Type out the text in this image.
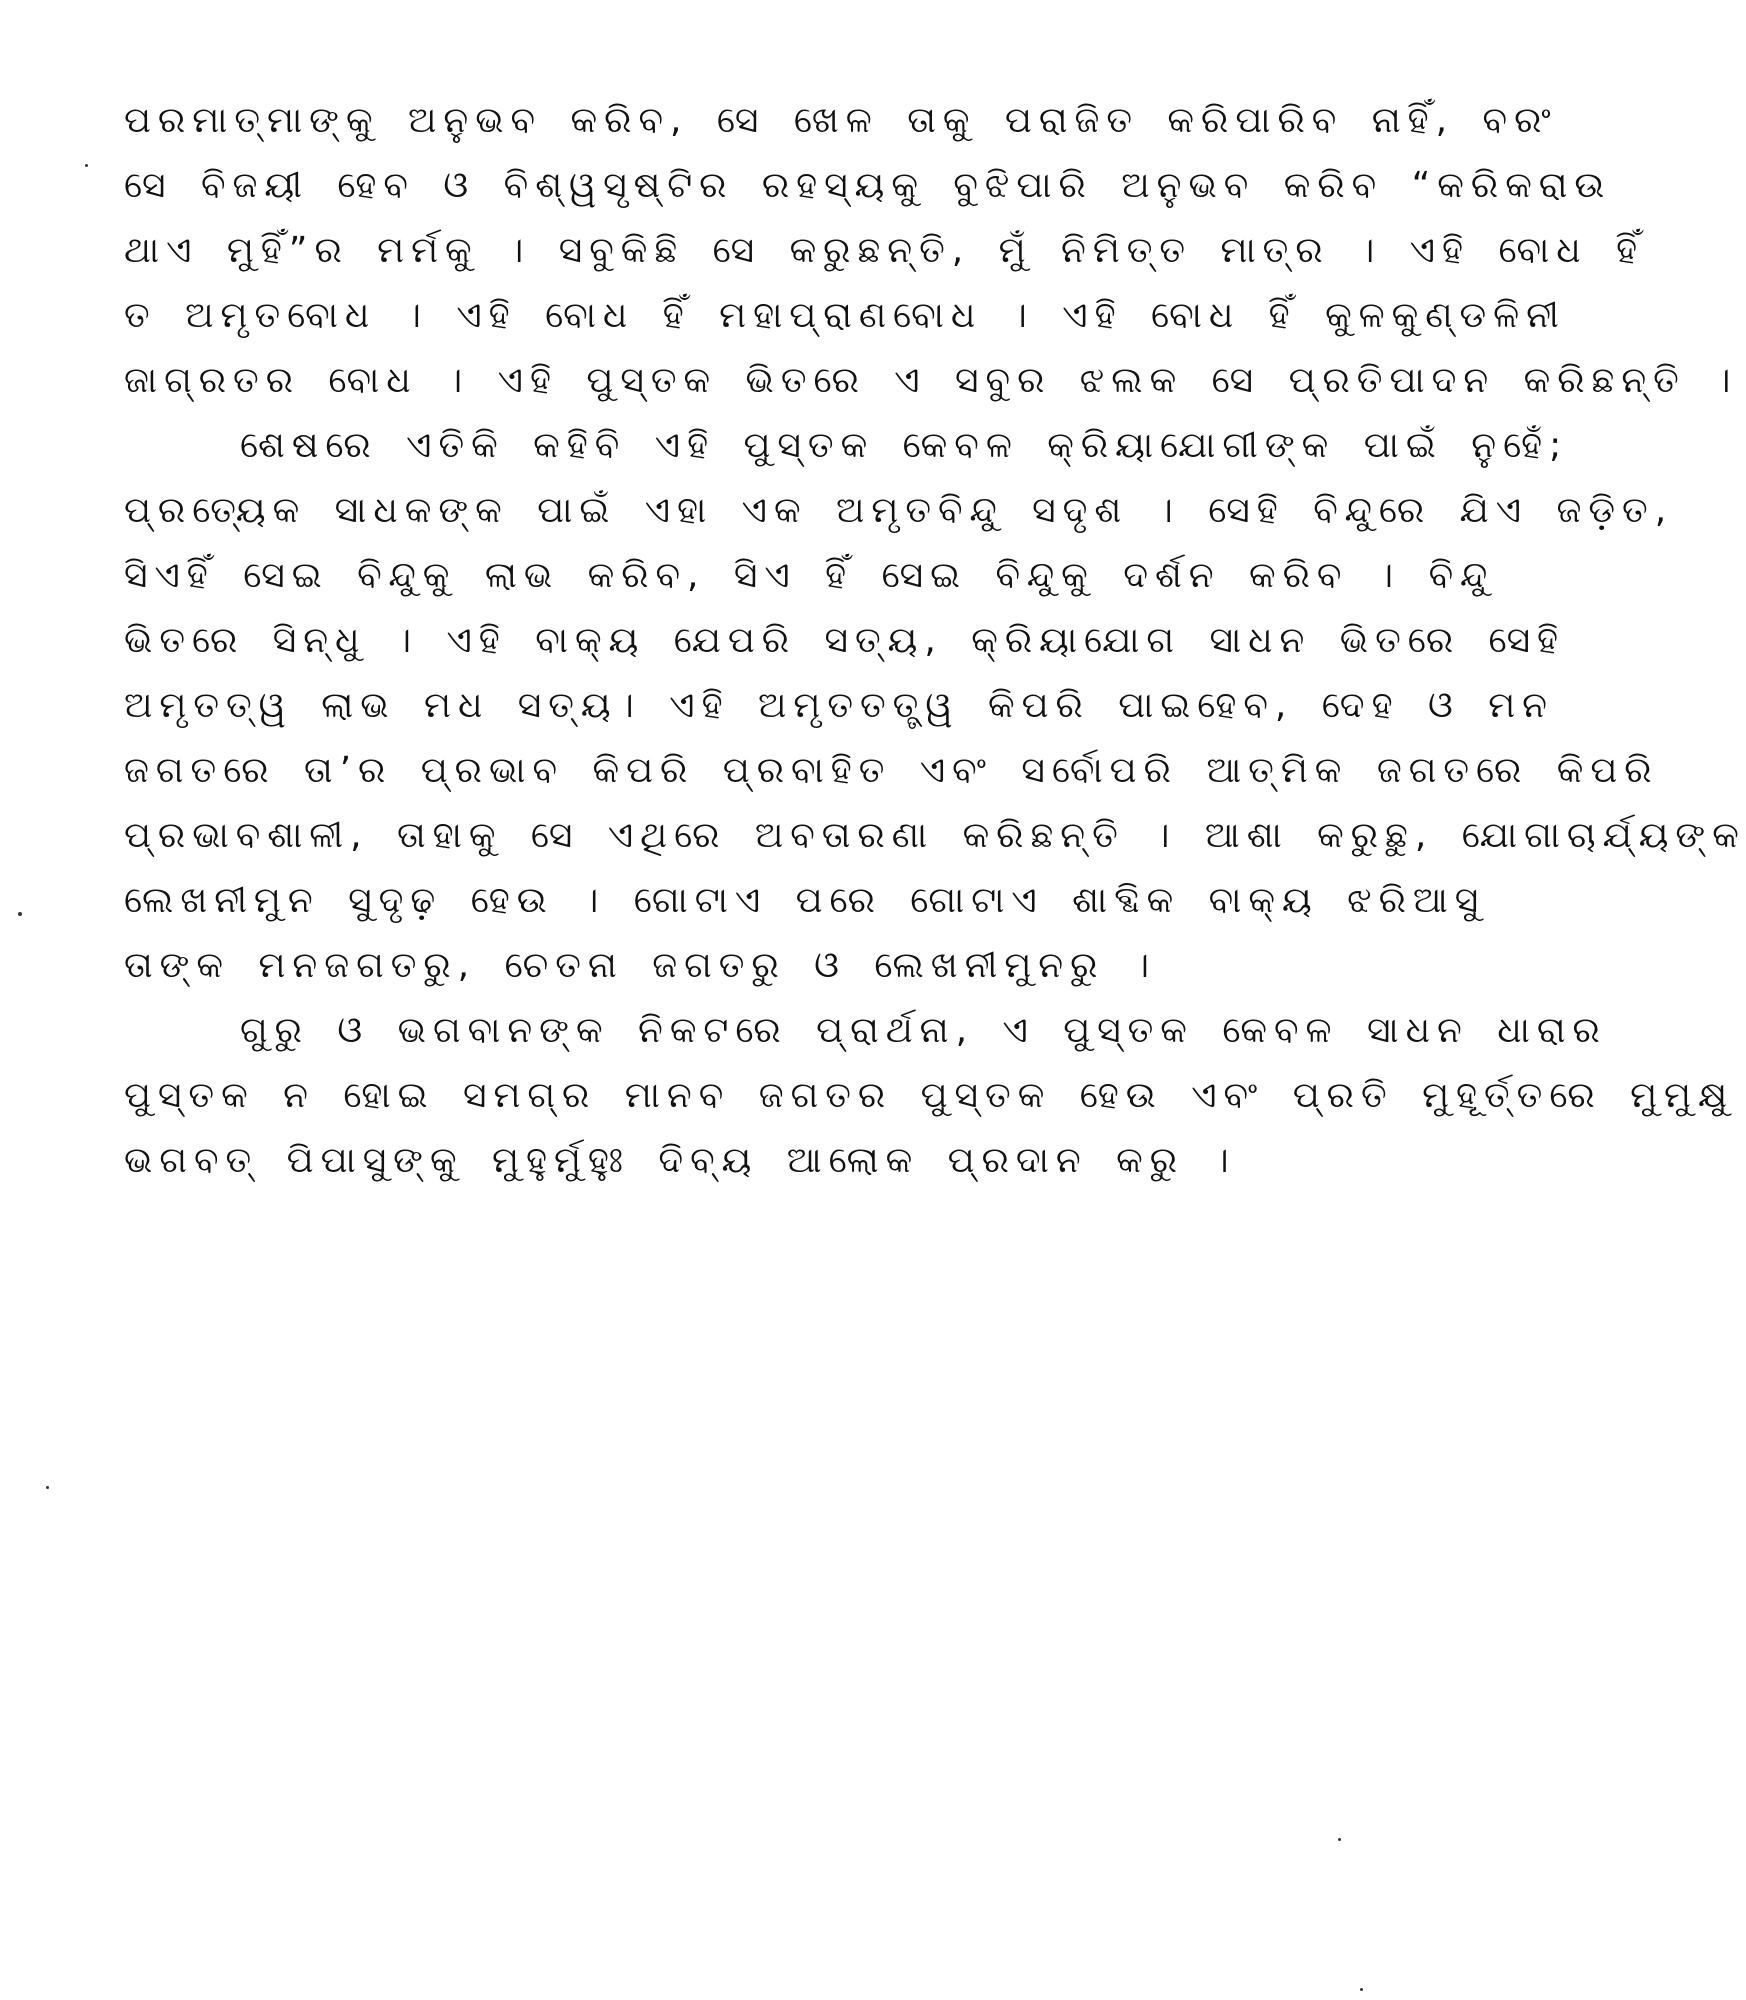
ପରମାତ୍ମାଙ୍କୁ ଅନୁଭବ କରିବ, ସେ ଖେଳ ତାକୁ ପରାଜିତ କରିପାରିବ ନାହିଁ, ବରଂ
ସେ ବିଜୟୀ ହେବ ଓ ବିଶ୍ୱସୃଷ୍ଟିର ରହସ୍ୟକୁ ବୁଝିପାରି ଅନୁଭବ କରିବ “କରିକରାଉ
ଥାଏ ମୁହିଁ”ର ମର୍ମକୁ । ସବୁକିଛି ସେ କରୁଛନ୍ତି, ମୁଁ ନିମିତ୍ତ ମାତ୍ର । ଏହି ବୋଧ ହିଁ
ତ ଅମୃତବୋଧ । ଏହି ବୋଧ ହିଁ ମହାପ୍ରାଣବୋଧ । ଏହି ବୋଧ ହିଁ କୁଳକୁଣ୍ଡଳିନୀ
ଜାଗ୍ରତର ବୋଧ । ଏହି ପୁସ୍ତକ ଭିତରେ ଏ ସବୁର ଝଲକ ସେ ପ୍ରତିପାଦନ କରିଛନ୍ତି ।
ଶେଷରେ ଏତିକି କହିବି ଏହି ପୁସ୍ତକ କେବଳ କ୍ରିୟାଯୋଗୀଙ୍କ ପାଇଁ ନୁହେଁ;
ପ୍ରତ୍ୟେକ ସାଧକଙ୍କ ପାଇଁ ଏହା ଏକ ଅମୃତବିନ୍ଦୁ ସଦୃଶ । ସେହି ବିନ୍ଦୁରେ ଯିଏ ଜଡ଼ିତ,
ସିଏହିଁ ସେଇ ବିନ୍ଦୁକୁ ଲାଭ କରିବ, ସିଏ ହିଁ ସେଇ ବିନ୍ଦୁକୁ ଦର୍ଶନ କରିବ । ବିନ୍ଦୁ
ଭିତରେ ସିନ୍ଧୁ । ଏହି ବାକ୍ୟ ଯେପରି ସତ୍ୟ, କ୍ରିୟାଯୋଗ ସାଧନ ଭିତରେ ସେହି
ଅମୃତତ୍ୱ ଲାଭ ମଧ ସତ୍ୟ। ଏହି ଅମୃତତତ୍ତ୍ୱ କିପରି ପାଇହେବ, ଦେହ ଓ ମନ
ଜଗତରେ ତା’ର ପ୍ରଭାବ କିପରି ପ୍ରବାହିତ ଏବଂ ସର୍ବୋପରି ଆତ୍ମିକ ଜଗତରେ କିପରି
ପ୍ରଭାବଶାଳୀ, ତାହାକୁ ସେ ଏଥିରେ ଅବତାରଣା କରିଛନ୍ତି । ଆଶା କରୁଛୁ, ଯୋଗାଚାର୍ଯ୍ୟଙ୍କ
ଲେଖନୀମୁନ ସୁଦୃଢ଼ ହେଉ । ଗୋଟାଏ ପରେ ଗୋଟାଏ ଶାବ୍ଦିକ ବାକ୍ୟ ଝରିଆସୁ
ତାଙ୍କ ମନଜଗତରୁ, ଚେତନା ଜଗତରୁ ଓ ଲେଖନୀମୁନରୁ ।
ଗୁରୁ ଓ ଭଗବାନଙ୍କ ନିକଟରେ ପ୍ରାର୍ଥନା, ଏ ପୁସ୍ତକ କେବଳ ସାଧନ ଧାରାର
ପୁସ୍ତକ ନ ହୋଇ ସମଗ୍ର ମାନବ ଜଗତର ପୁସ୍ତକ ହେଉ ଏବଂ ପ୍ରତି ମୁହୂର୍ତ୍ତରେ ମୁମୁକ୍ଷୁ
ଭଗବତ୍ ପିପାସୁଙ୍କୁ ମୁହୁର୍ମୁହୁଃ ଦିବ୍ୟ ଆଲୋକ ପ୍ରଦାନ କରୁ ।
